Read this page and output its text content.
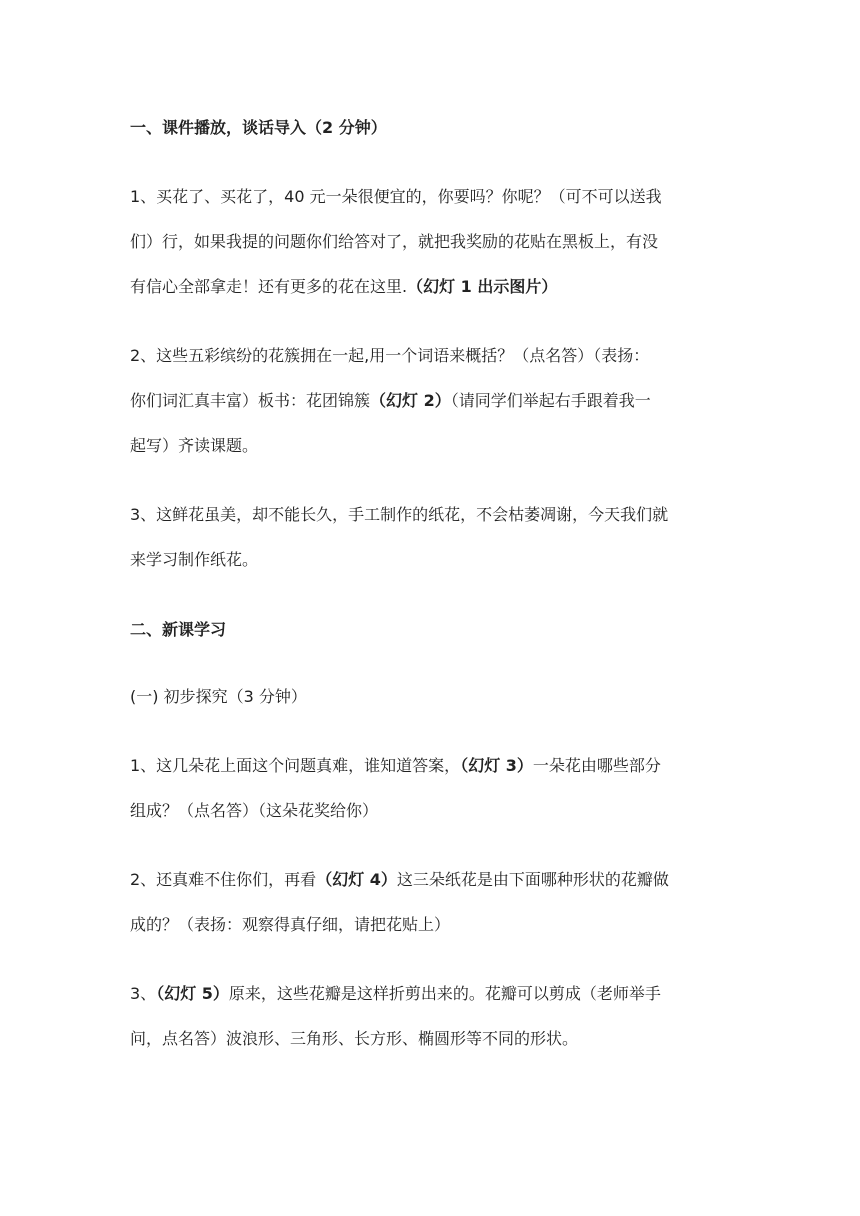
一、课件播放，谈话导入（2 分钟）
1、买花了、买花了，40 元一朵很便宜的，你要吗？你呢？（可不可以送我
们）行，如果我提的问题你们给答对了，就把我奖励的花贴在黑板上，有没
有信心全部拿走！还有更多的花在这里.（幻灯 1 出示图片）
2、这些五彩缤纷的花簇拥在一起,用一个词语来概括？（点名答）（表扬：
你们词汇真丰富）板书：花团锦簇（幻灯 2）（请同学们举起右手跟着我一
起写）齐读课题。
3、这鲜花虽美，却不能长久，手工制作的纸花，不会枯萎凋谢，今天我们就
来学习制作纸花。
二、新课学习
(一) 初步探究（3 分钟）
1、这几朵花上面这个问题真难，谁知道答案，（幻灯 3）一朵花由哪些部分
组成？（点名答）（这朵花奖给你）
2、还真难不住你们，再看（幻灯 4）这三朵纸花是由下面哪种形状的花瓣做
成的？（表扬：观察得真仔细，请把花贴上）
3、（幻灯 5）原来，这些花瓣是这样折剪出来的。花瓣可以剪成（老师举手
问，点名答）波浪形、三角形、长方形、椭圆形等不同的形状。
